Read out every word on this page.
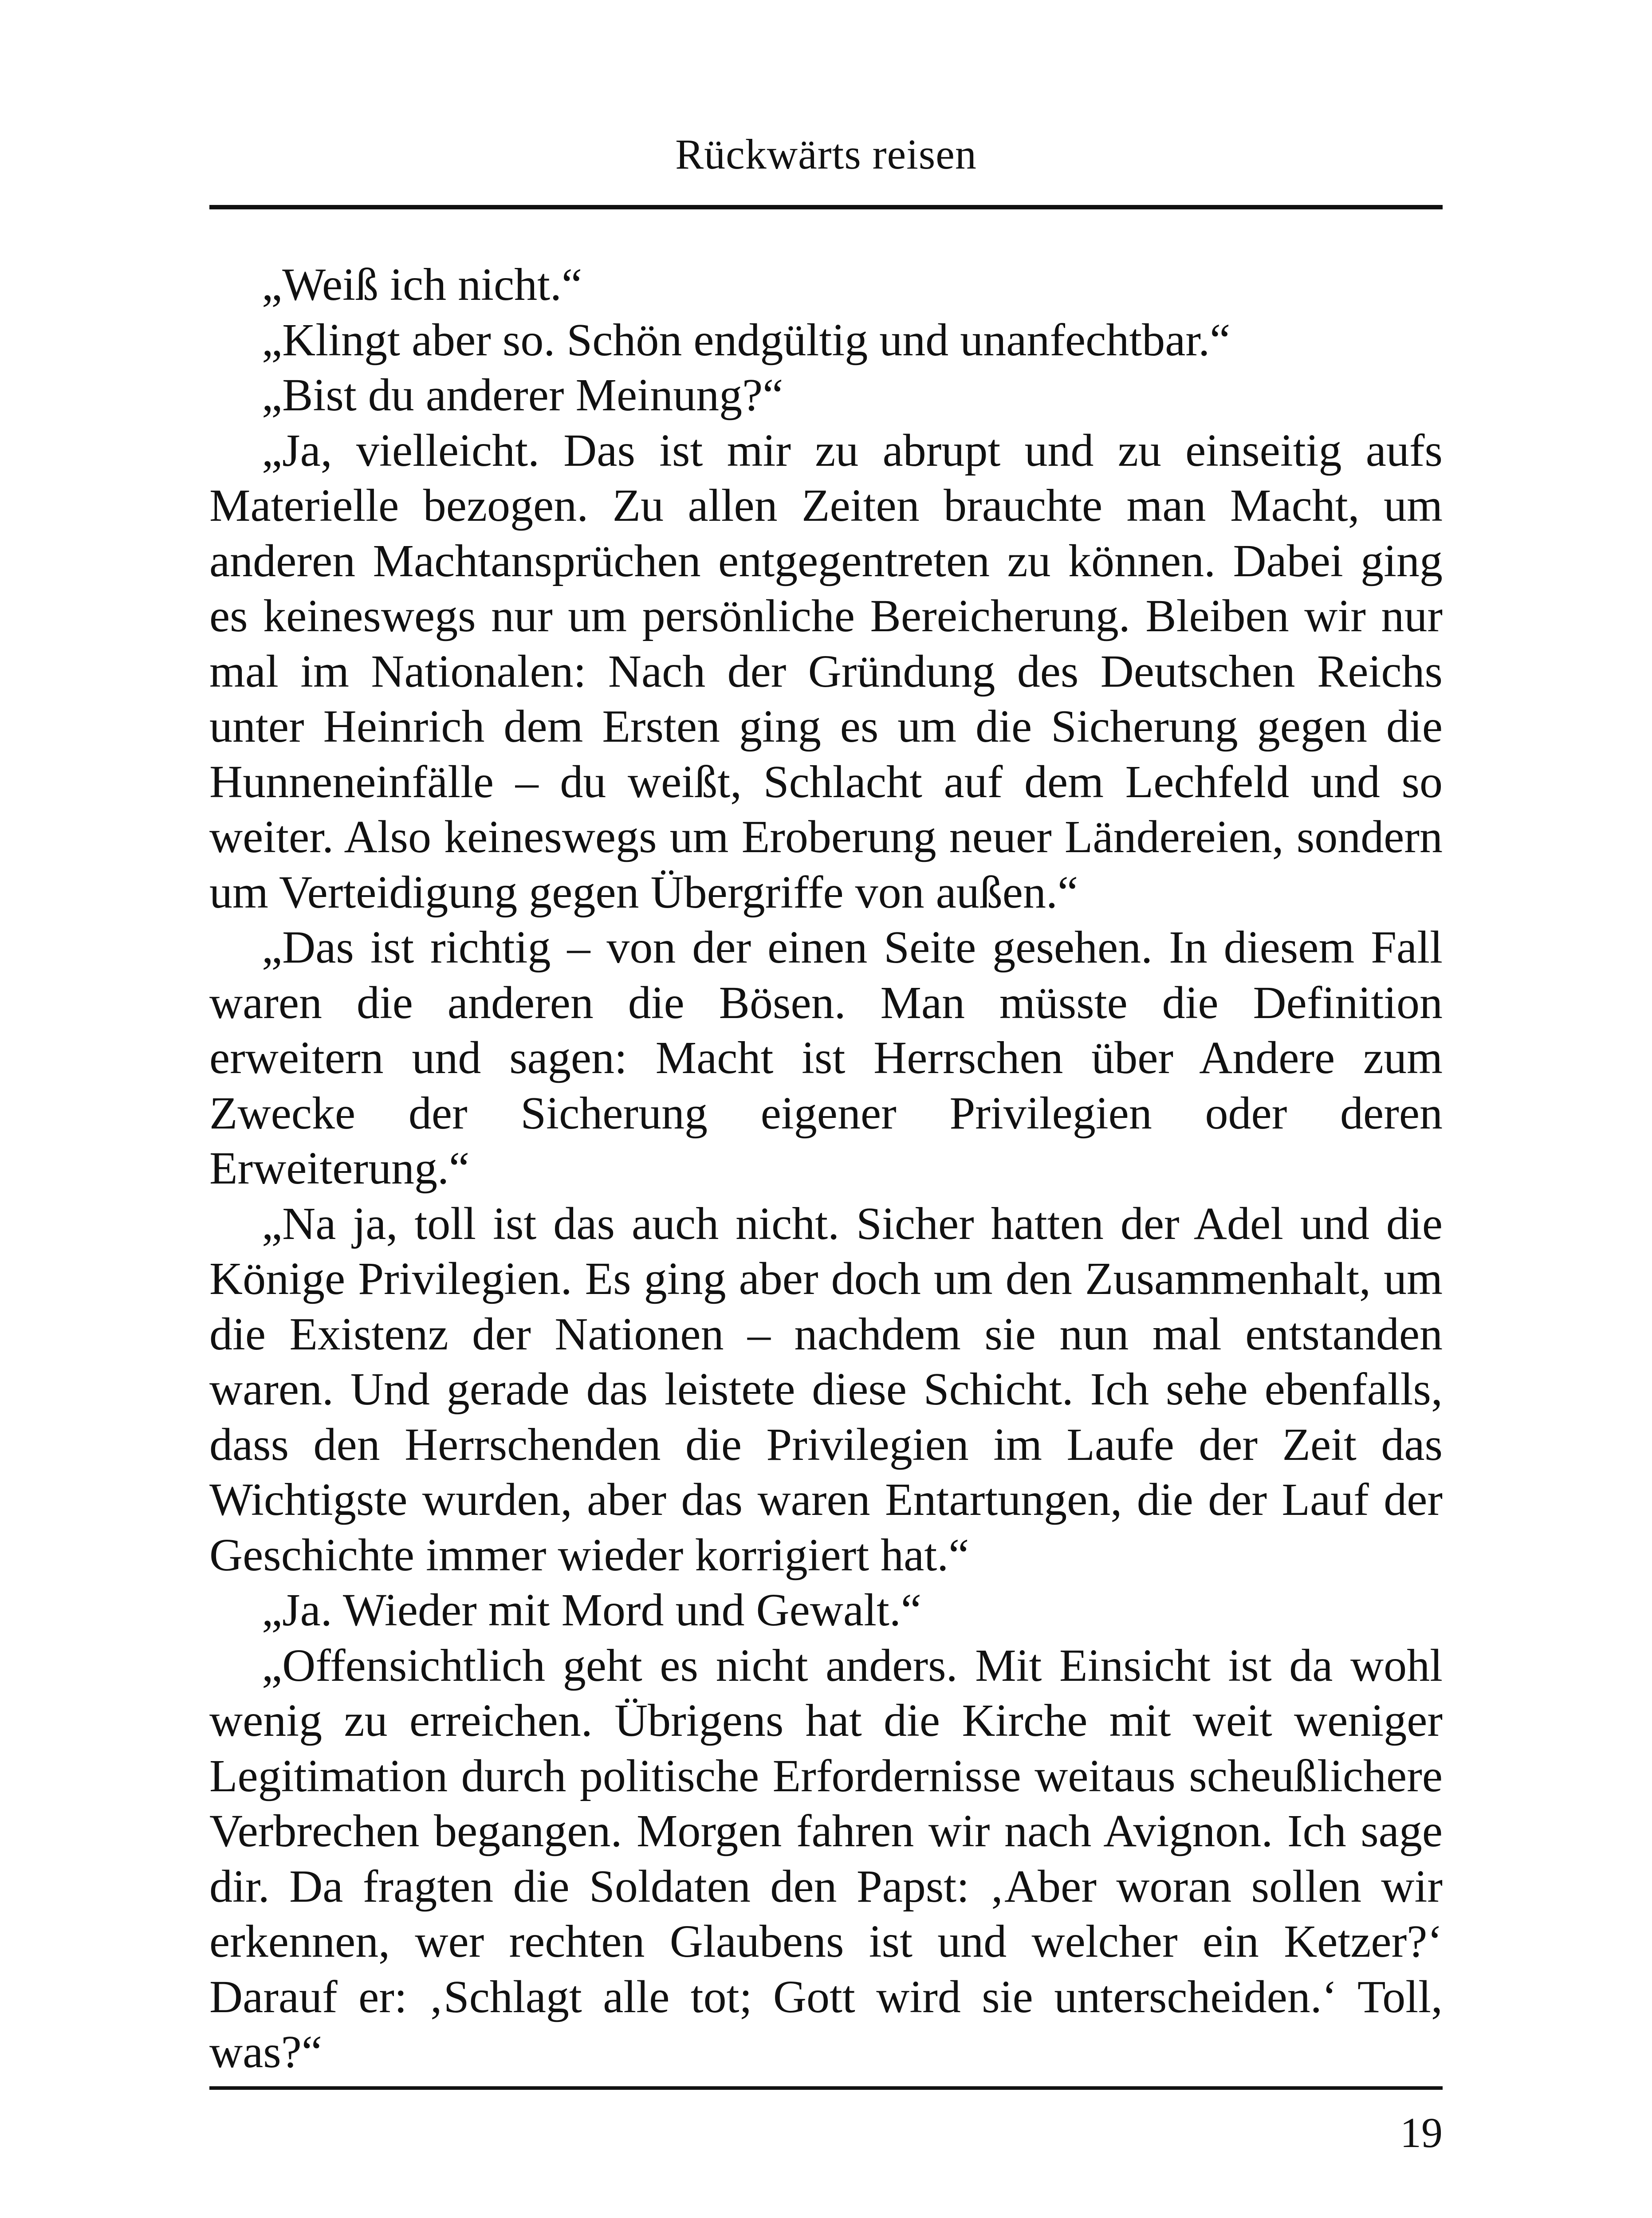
Rückwärts reisen

„Weiß ich nicht.“

„Klingt aber so. Schön endgültig und unanfechtbar.“

„Bist du anderer Meinung?“

„Ja, vielleicht. Das ist mir zu abrupt und zu einseitig aufs Materielle bezogen. Zu allen Zeiten brauchte man Macht, um anderen Machtansprüchen entgegentreten zu können. Dabei ging es keineswegs nur um persönliche Bereicherung. Bleiben wir nur mal im Nationalen: Nach der Gründung des Deutschen Reichs unter Heinrich dem Ersten ging es um die Sicherung gegen die Hunneneinfälle – du weißt, Schlacht auf dem Lechfeld und so weiter. Also keineswegs um Eroberung neuer Ländereien, sondern um Verteidigung gegen Übergriffe von außen.“

„Das ist richtig – von der einen Seite gesehen. In diesem Fall waren die anderen die Bösen. Man müsste die Definition erweitern und sagen: Macht ist Herrschen über Andere zum Zwecke der Sicherung eigener Privilegien oder deren Erweiterung.“

„Na ja, toll ist das auch nicht. Sicher hatten der Adel und die Könige Privilegien. Es ging aber doch um den Zusammenhalt, um die Existenz der Nationen – nachdem sie nun mal entstanden waren. Und gerade das leistete diese Schicht. Ich sehe ebenfalls, dass den Herrschenden die Privilegien im Laufe der Zeit das Wichtigste wurden, aber das waren Entartungen, die der Lauf der Geschichte immer wieder korrigiert hat.“

„Ja. Wieder mit Mord und Gewalt.“

„Offensichtlich geht es nicht anders. Mit Einsicht ist da wohl wenig zu erreichen. Übrigens hat die Kirche mit weit weniger Legitimation durch politische Erfordernisse weitaus scheußlichere Verbrechen begangen. Morgen fahren wir nach Avignon. Ich sage dir. Da fragten die Soldaten den Papst: ‚Aber woran sollen wir erkennen, wer rechten Glaubens ist und welcher ein Ketzer?‘ Darauf er: ‚Schlagt alle tot; Gott wird sie unterscheiden.‘ Toll, was?“

19
